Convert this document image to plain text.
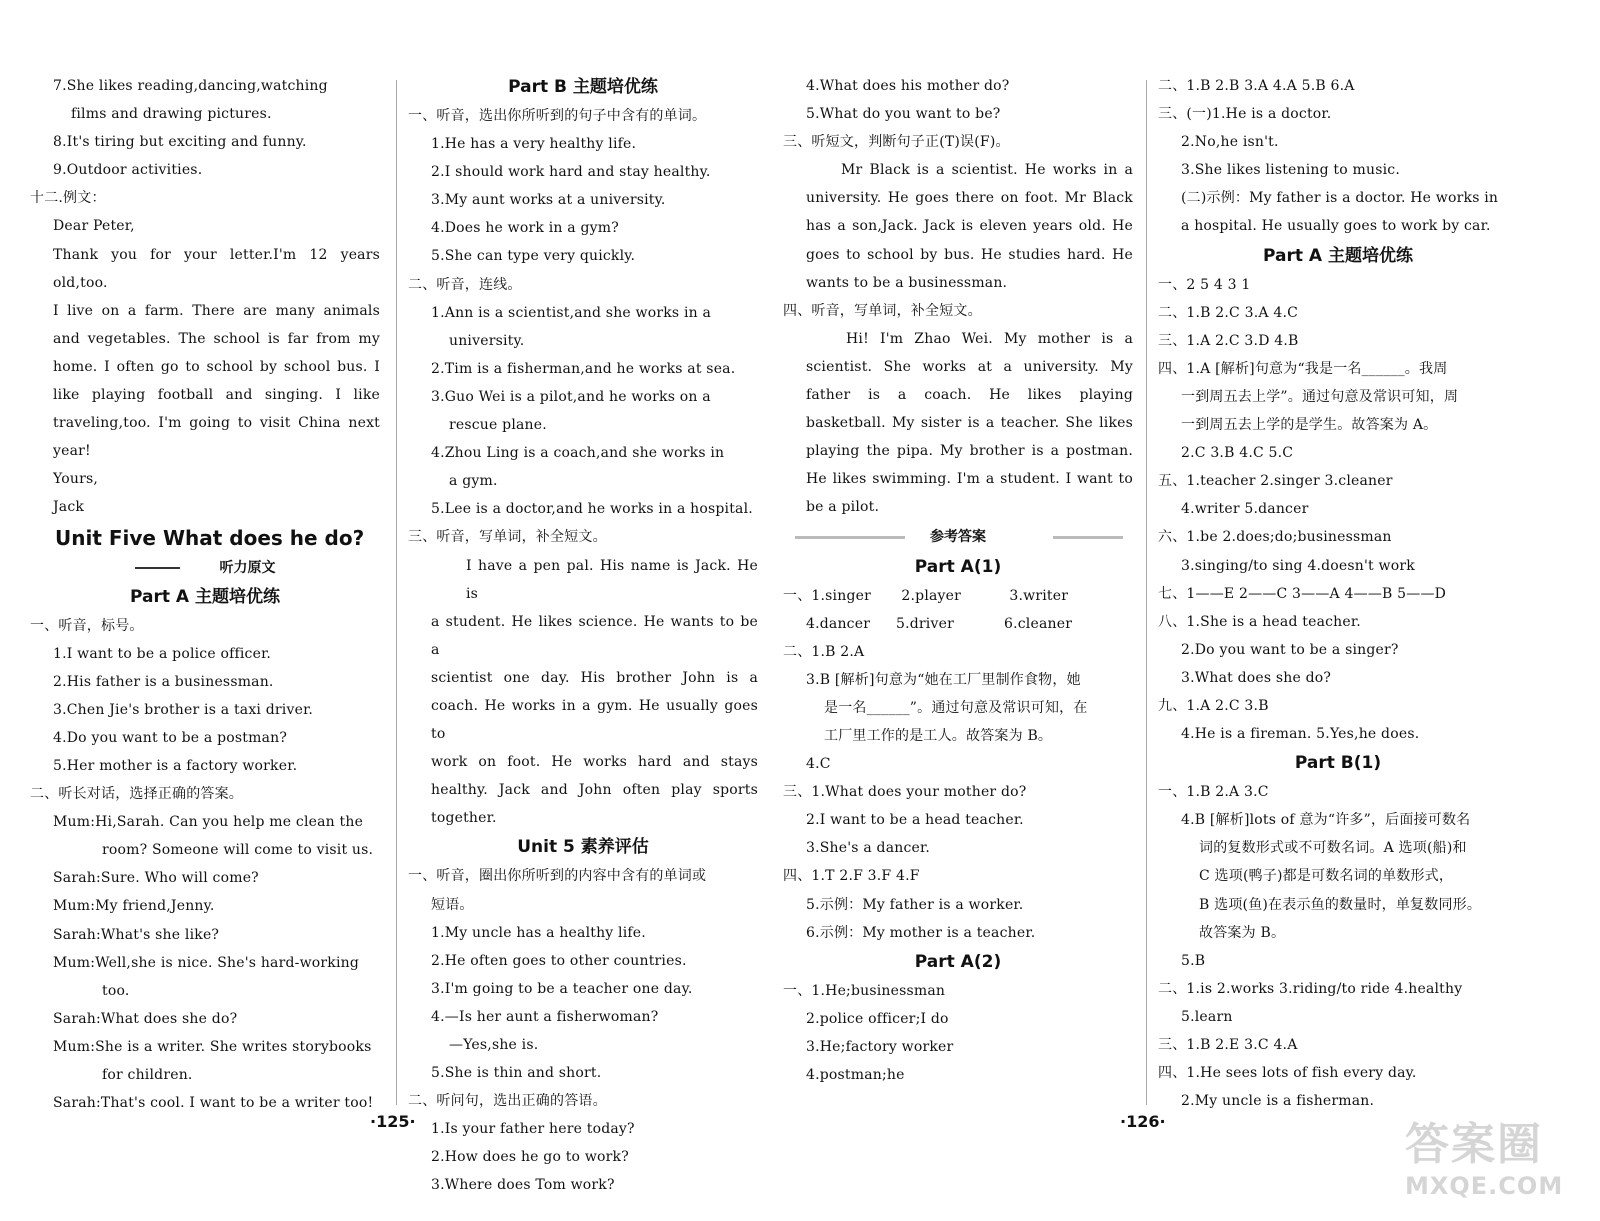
7.She likes reading,dancing,watching
films and drawing pictures.
8.It's tiring but exciting and funny.
9.Outdoor activities.
十二.例文：
Dear Peter,
Thank you for your letter.I'm 12 years old,too.
I live on a farm. There are many animals
and vegetables. The school is far from my
home. I often go to school by school bus. I
like playing football and singing. I like
traveling,too. I'm going to visit China next
year!
Yours,
Jack
Unit Five What does he do?
听力原文
Part A 主题培优练
一、听音，标号。
1.I want to be a police officer.
2.His father is a businessman.
3.Chen Jie's brother is a taxi driver.
4.Do you want to be a postman?
5.Her mother is a factory worker.
二、听长对话，选择正确的答案。
Mum:Hi,Sarah. Can you help me clean the
room? Someone will come to visit us.
Sarah:Sure. Who will come?
Mum:My friend,Jenny.
Sarah:What's she like?
Mum:Well,she is nice. She's hard-working
too.
Sarah:What does she do?
Mum:She is a writer. She writes storybooks
for children.
Sarah:That's cool. I want to be a writer too!
Part B 主题培优练
一、听音，选出你所听到的句子中含有的单词。
1.He has a very healthy life.
2.I should work hard and stay healthy.
3.My aunt works at a university.
4.Does he work in a gym?
5.She can type very quickly.
二、听音，连线。
1.Ann is a scientist,and she works in a
university.
2.Tim is a fisherman,and he works at sea.
3.Guo Wei is a pilot,and he works on a
rescue plane.
4.Zhou Ling is a coach,and she works in
a gym.
5.Lee is a doctor,and he works in a hospital.
三、听音，写单词，补全短文。
I have a pen pal. His name is Jack. He is
a student. He likes science. He wants to be a
scientist one day. His brother John is a
coach. He works in a gym. He usually goes to
work on foot. He works hard and stays
healthy. Jack and John often play sports
together.
Unit 5 素养评估
一、听音，圈出你所听到的内容中含有的单词或
短语。
1.My uncle has a healthy life.
2.He often goes to other countries.
3.I'm going to be a teacher one day.
4.—Is her aunt a fisherwoman?
—Yes,she is.
5.She is thin and short.
二、听问句，选出正确的答语。
1.Is your father here today?
2.How does he go to work?
3.Where does Tom work?
4.What does his mother do?
5.What do you want to be?
三、听短文，判断句子正(T)误(F)。
Mr Black is a scientist. He works in a
university. He goes there on foot. Mr Black
has a son,Jack. Jack is eleven years old. He
goes to school by bus. He studies hard. He
wants to be a businessman.
四、听音，写单词，补全短文。
Hi! I'm Zhao Wei. My mother is a
scientist. She works at a university. My
father is a coach. He likes playing
basketball. My sister is a teacher. She likes
playing the pipa. My brother is a postman.
He likes swimming. I'm a student. I want to
be a pilot.
参考答案
Part A(1)
一、1.singer 2.player	3.writer
4.dancer 5.driver	6.cleaner
二、1.B 2.A
3.B [解析]句意为“她在工厂里制作食物，她
是一名______”。通过句意及常识可知，在
工厂里工作的是工人。故答案为 B。
4.C
三、1.What does your mother do?
2.I want to be a head teacher.
3.She's a dancer.
四、1.T 2.F 3.F 4.F
5.示例：My father is a worker.
6.示例：My mother is a teacher.
Part A(2)
一、1.He;businessman
2.police officer;I do
3.He;factory worker
4.postman;he
二、1.B 2.B 3.A 4.A 5.B 6.A
三、(一)1.He is a doctor.
2.No,he isn't.
3.She likes listening to music.
(二)示例：My father is a doctor. He works in
a hospital. He usually goes to work by car.
Part A 主题培优练
一、2 5 4 3 1
二、1.B 2.C 3.A 4.C
三、1.A 2.C 3.D 4.B
四、1.A [解析]句意为“我是一名______。我周
一到周五去上学”。通过句意及常识可知，周
一到周五去上学的是学生。故答案为 A。
2.C 3.B 4.C 5.C
五、1.teacher 2.singer 3.cleaner
4.writer 5.dancer
六、1.be 2.does;do;businessman
3.singing/to sing 4.doesn't work
七、1——E 2——C 3——A 4——B 5——D
八、1.She is a head teacher.
2.Do you want to be a singer?
3.What does she do?
九、1.A 2.C 3.B
4.He is a fireman. 5.Yes,he does.
Part B(1)
一、1.B 2.A 3.C
4.B [解析]lots of 意为“许多”，后面接可数名
词的复数形式或不可数名词。A 选项(船)和
C 选项(鸭子)都是可数名词的单数形式，
B 选项(鱼)在表示鱼的数量时，单复数同形。
故答案为 B。
5.B
二、1.is 2.works 3.riding/to ride 4.healthy
5.learn
三、1.B 2.E 3.C 4.A
四、1.He sees lots of fish every day.
2.My uncle is a fisherman.
·125·	·126·	答案圈
MXQE.COM
